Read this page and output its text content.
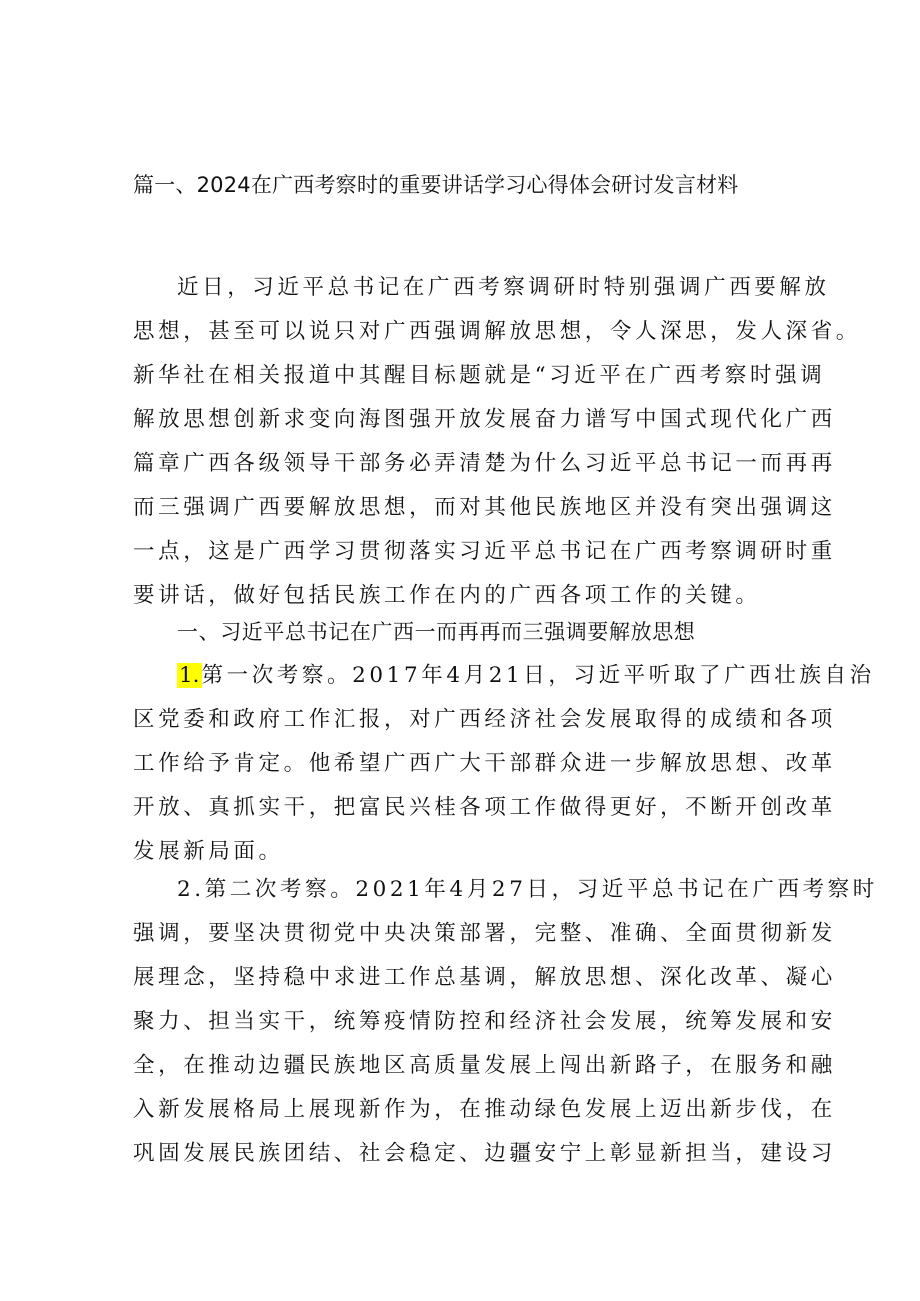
篇一、2024在广西考察时的重要讲话学习心得体会研讨发言材料
近日，习近平总书记在广西考察调研时特别强调广西要解放
思想，甚至可以说只对广西强调解放思想，令人深思，发人深省。
新华社在相关报道中其醒目标题就是“习近平在广西考察时强调
解放思想创新求变向海图强开放发展奋力谱写中国式现代化广西
篇章广西各级领导干部务必弄清楚为什么习近平总书记一而再再
而三强调广西要解放思想，而对其他民族地区并没有突出强调这
一点，这是广西学习贯彻落实习近平总书记在广西考察调研时重
要讲话，做好包括民族工作在内的广西各项工作的关键。
一、习近平总书记在广西一而再再而三强调要解放思想
1.第一次考察。2017年4月21日，习近平听取了广西壮族自治
区党委和政府工作汇报，对广西经济社会发展取得的成绩和各项
工作给予肯定。他希望广西广大干部群众进一步解放思想、改革
开放、真抓实干，把富民兴桂各项工作做得更好，不断开创改革
发展新局面。
2.第二次考察。2021年4月27日，习近平总书记在广西考察时
强调，要坚决贯彻党中央决策部署，完整、准确、全面贯彻新发
展理念，坚持稳中求进工作总基调，解放思想、深化改革、凝心
聚力、担当实干，统筹疫情防控和经济社会发展，统筹发展和安
全，在推动边疆民族地区高质量发展上闯出新路子，在服务和融
入新发展格局上展现新作为，在推动绿色发展上迈出新步伐，在
巩固发展民族团结、社会稳定、边疆安宁上彰显新担当，建设习
